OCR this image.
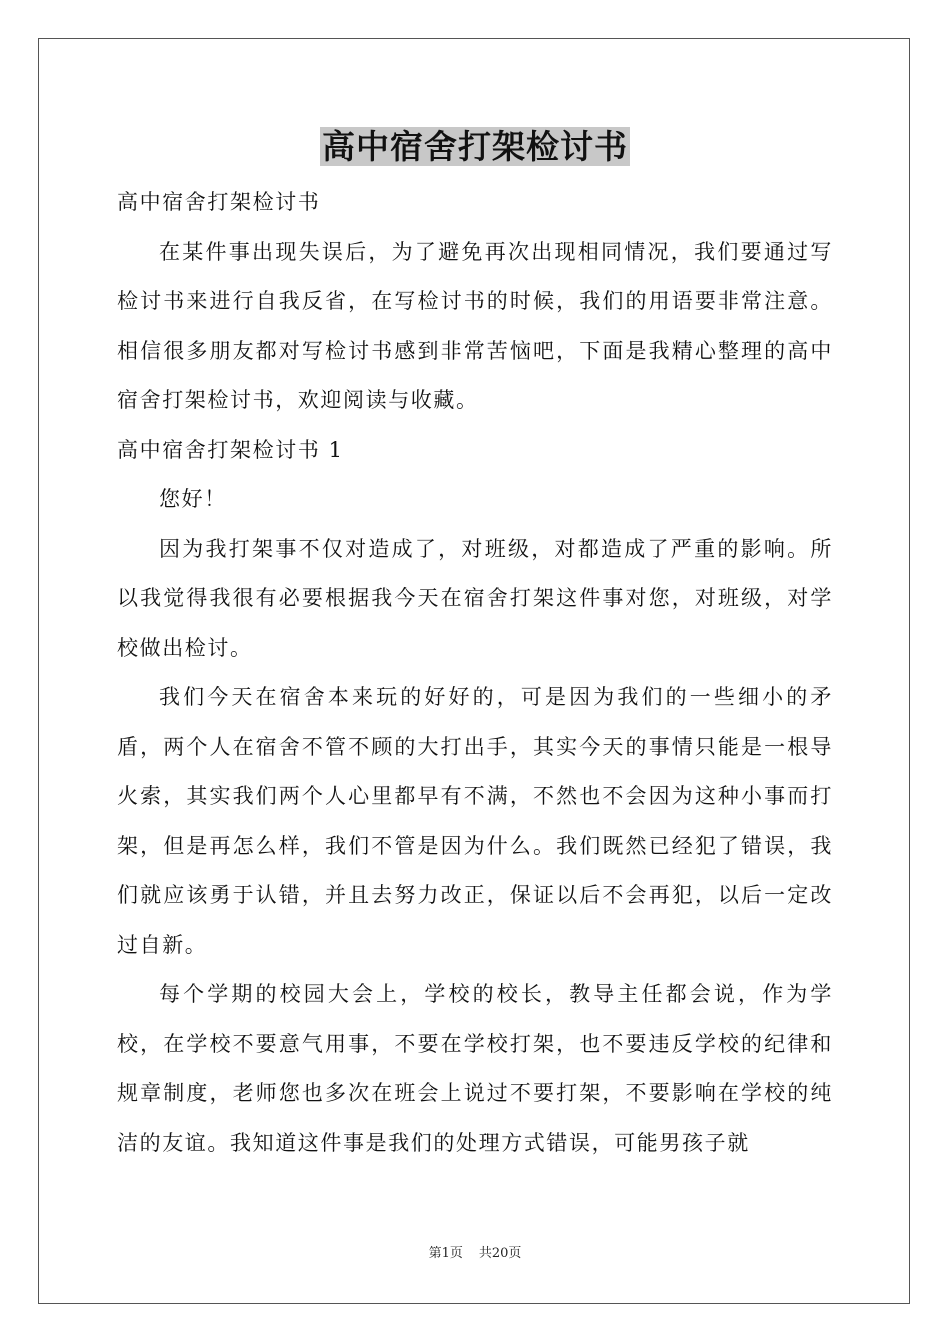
高中宿舍打架检讨书

高中宿舍打架检讨书

在某件事出现失误后，为了避免再次出现相同情况，我们要通过写检讨书来进行自我反省，在写检讨书的时候，我们的用语要非常注意。相信很多朋友都对写检讨书感到非常苦恼吧，下面是我精心整理的高中宿舍打架检讨书，欢迎阅读与收藏。

高中宿舍打架检讨书 1

您好！

因为我打架事不仅对造成了，对班级，对都造成了严重的影响。所以我觉得我很有必要根据我今天在宿舍打架这件事对您，对班级，对学校做出检讨。

我们今天在宿舍本来玩的好好的，可是因为我们的一些细小的矛盾，两个人在宿舍不管不顾的大打出手，其实今天的事情只能是一根导火索，其实我们两个人心里都早有不满，不然也不会因为这种小事而打架，但是再怎么样，我们不管是因为什么。我们既然已经犯了错误，我们就应该勇于认错，并且去努力改正，保证以后不会再犯，以后一定改过自新。

每个学期的校园大会上，学校的校长，教导主任都会说，作为学校，在学校不要意气用事，不要在学校打架，也不要违反学校的纪律和规章制度，老师您也多次在班会上说过不要打架，不要影响在学校的纯洁的友谊。我知道这件事是我们的处理方式错误，可能男孩子就

第1页 共20页
